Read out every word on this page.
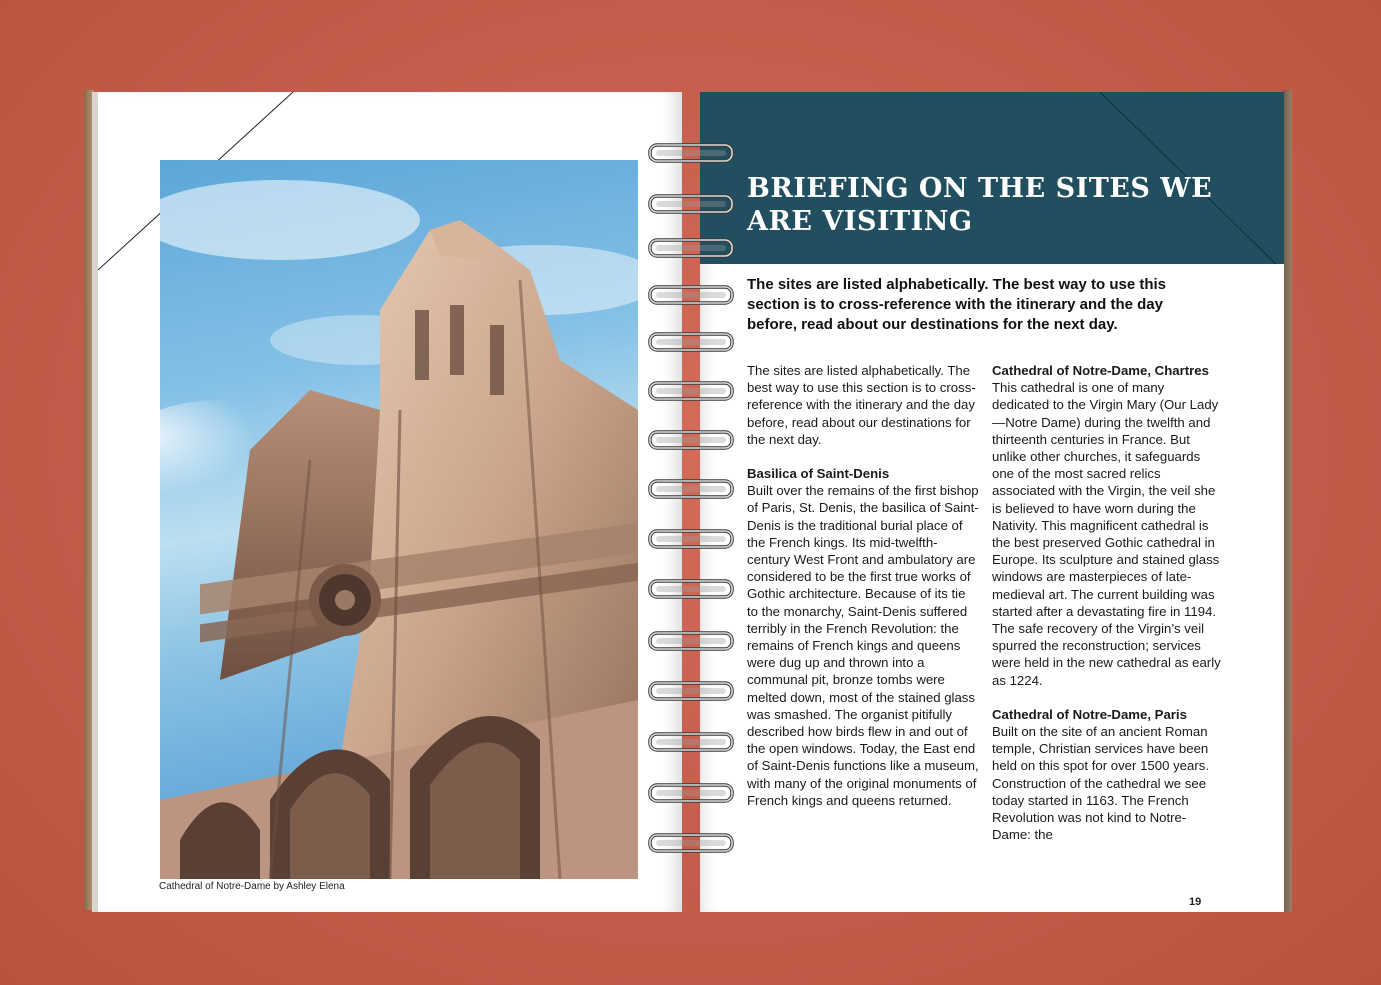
Cathedral of Notre-Dame by Ashley Elena
BRIEFING ON THE SITES WE ARE VISITING

The sites are listed alphabetically. The best way to use this section is to cross-reference with the itinerary and the day before, read about our destinations for the next day.

The sites are listed alphabetically. The best way to use this section is to cross-reference with the itinerary and the day before, read about our destinations for the next day.

Basilica of Saint-Denis
Built over the remains of the first bishop of Paris, St. Denis, the basilica of Saint-Denis is the traditional burial place of the French kings. Its mid-twelfth-century West Front and ambulatory are considered to be the first true works of Gothic architecture. Because of its tie to the monarchy, Saint-Denis suffered terribly in the French Revolution: the remains of French kings and queens were dug up and thrown into a communal pit, bronze tombs were melted down, most of the stained glass was smashed. The organist pitifully described how birds flew in and out of the open windows. Today, the East end of Saint-Denis functions like a museum, with many of the original monuments of French kings and queens returned.

Cathedral of Notre-Dame, Chartres
This cathedral is one of many dedicated to the Virgin Mary (Our Lady—Notre Dame) during the twelfth and thirteenth centuries in France. But unlike other churches, it safeguards one of the most sacred relics associated with the Virgin, the veil she is believed to have worn during the Nativity. This magnificent cathedral is the best preserved Gothic cathedral in Europe. Its sculpture and stained glass windows are masterpieces of late-medieval art. The current building was started after a devastating fire in 1194. The safe recovery of the Virgin’s veil spurred the reconstruction; services were held in the new cathedral as early as 1224.

Cathedral of Notre-Dame, Paris
Built on the site of an ancient Roman temple, Christian services have been held on this spot for over 1500 years. Construction of the cathedral we see today started in 1163. The French Revolution was not kind to Notre-Dame: the

19
